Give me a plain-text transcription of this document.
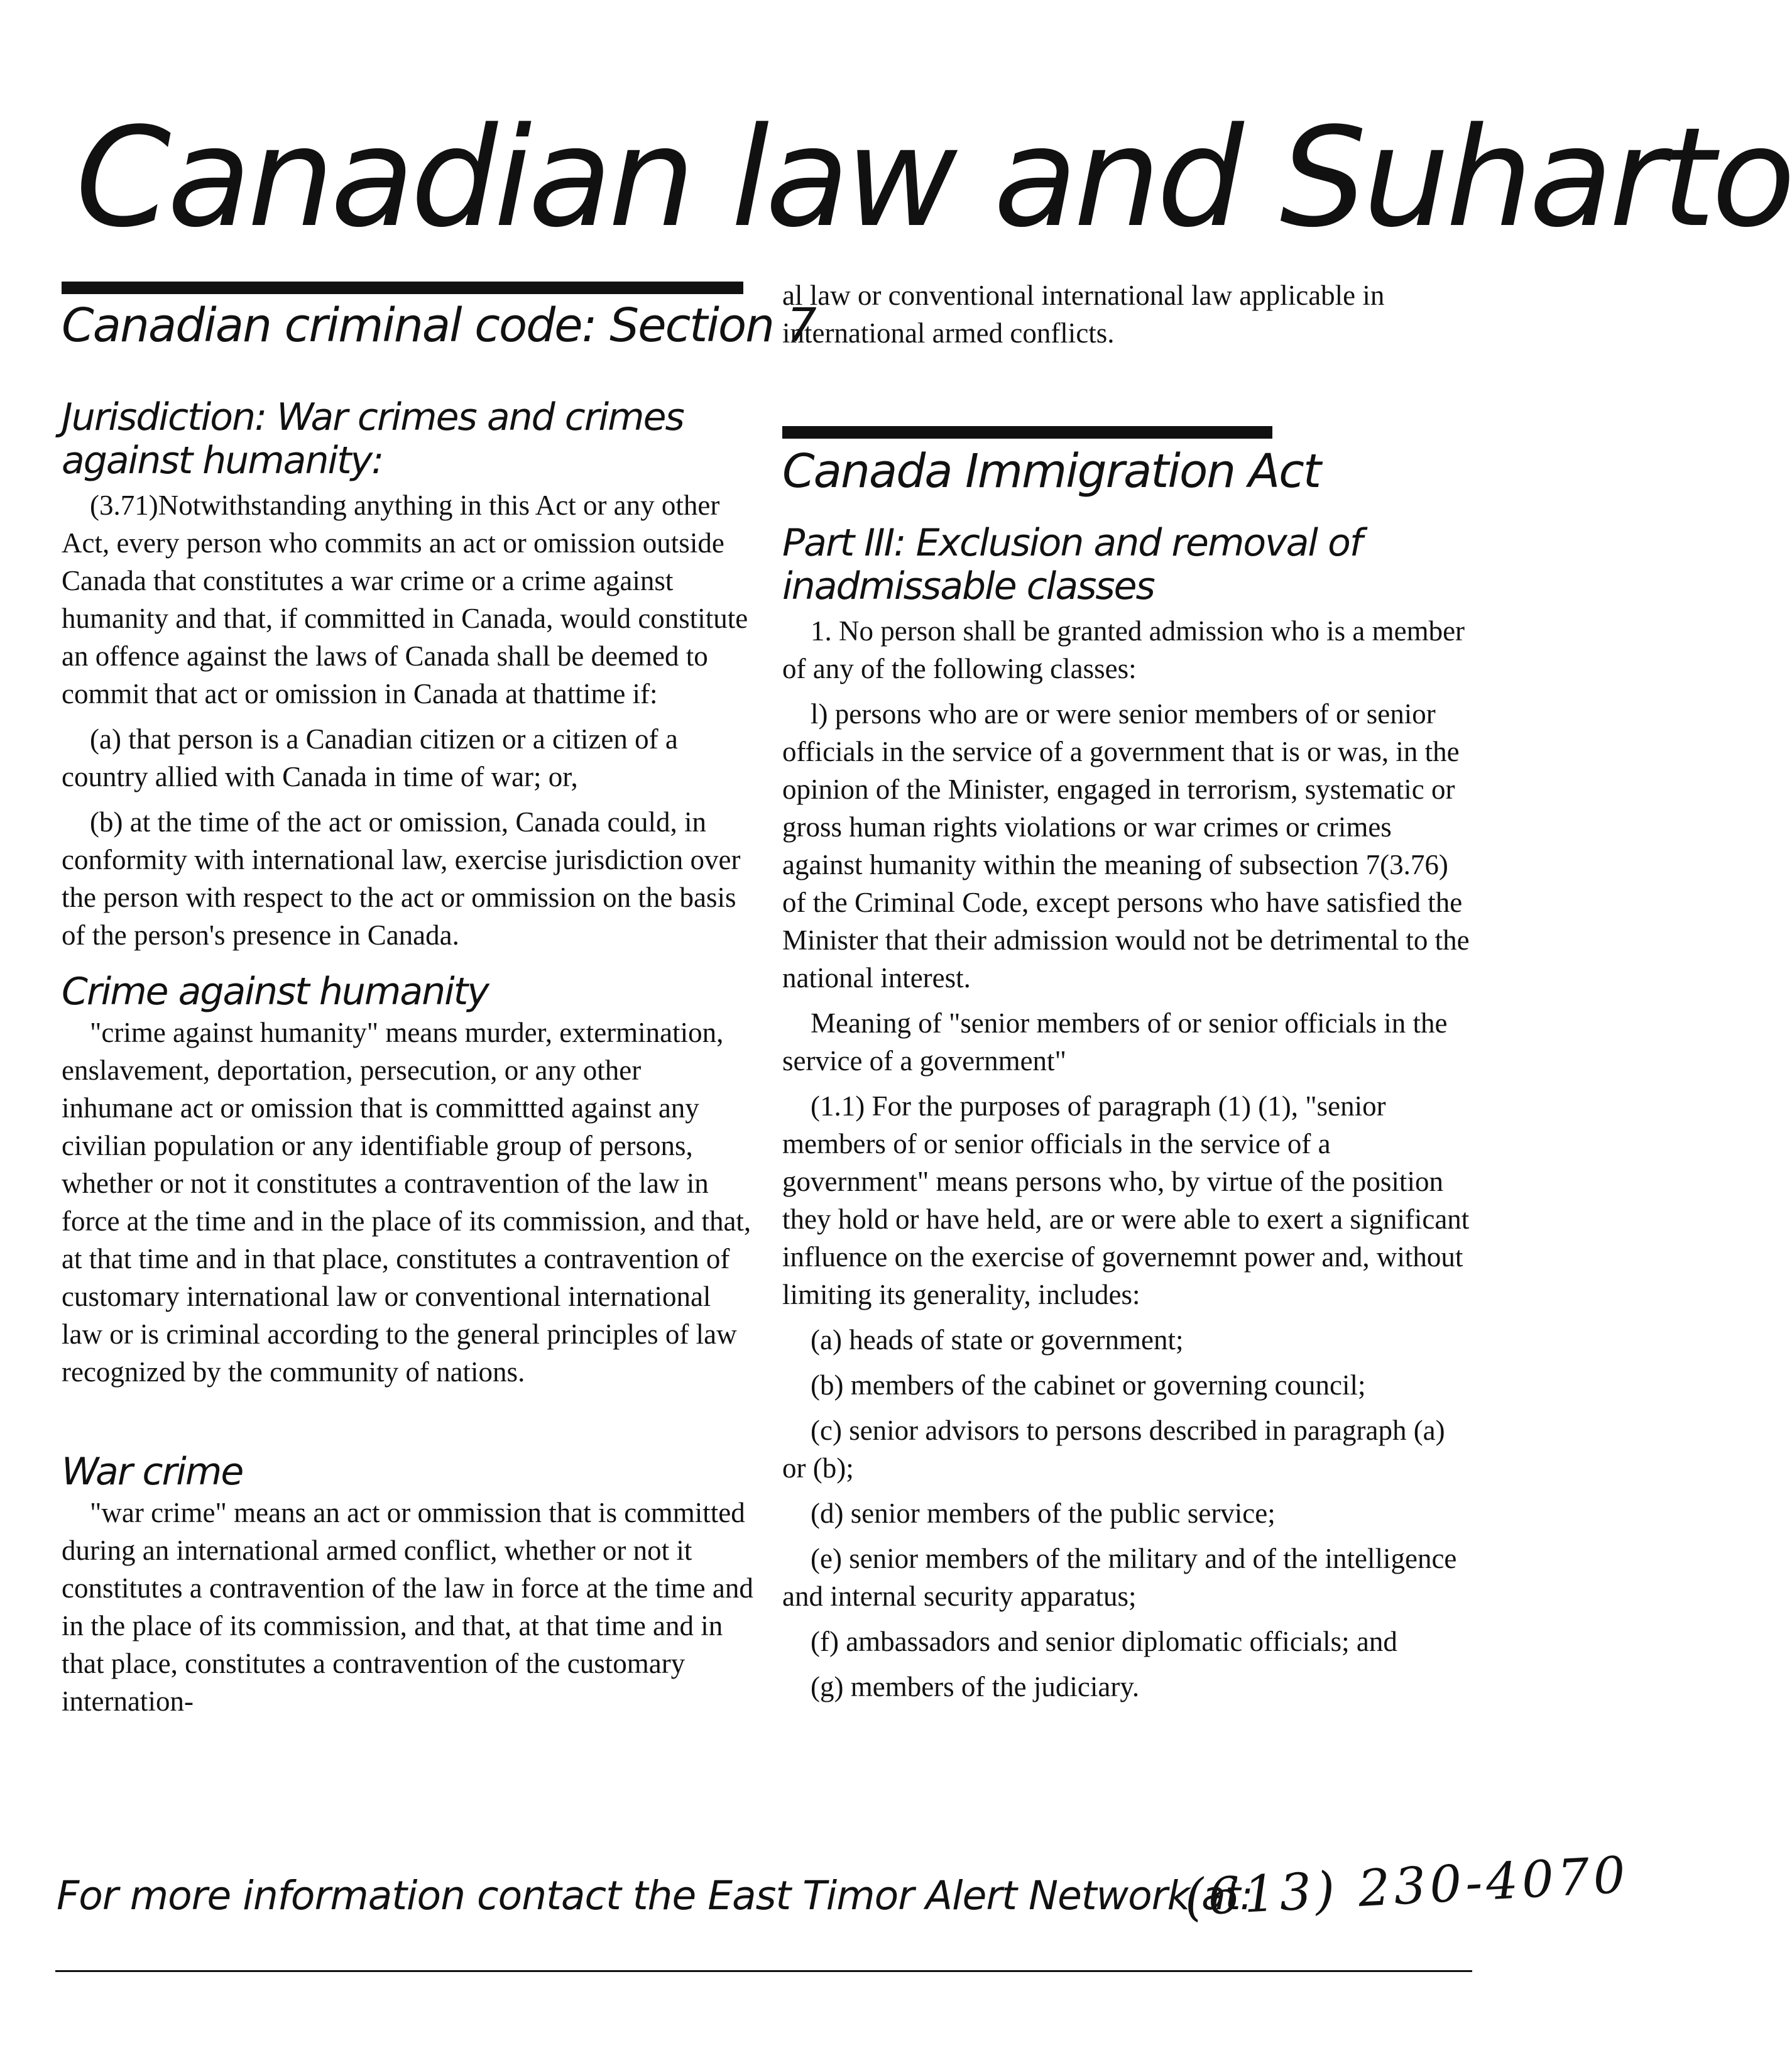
Canadian law and Suharto
Canadian criminal code: Section 7
Jurisdiction: War crimes and crimes against humanity:

(3.71)Notwithstanding anything in this Act or any other Act, every person who commits an act or omission outside Canada that constitutes a war crime or a crime against humanity and that, if committed in Canada, would constitute an offence against the laws of Canada shall be deemed to commit that act or omission in Canada at thattime if:

(a) that person is a Canadian citizen or a citizen of a country allied with Canada in time of war; or,

(b) at the time of the act or omission, Canada could, in conformity with international law, exercise jurisdiction over the person with respect to the act or ommission on the basis of the person's presence in Canada.

Crime against humanity

"crime against humanity" means murder, extermination, enslavement, deportation, persecution, or any other inhumane act or omission that is committted against any civilian population or any identifiable group of persons, whether or not it constitutes a contravention of the law in force at the time and in the place of its commission, and that, at that time and in that place, constitutes a contravention of customary international law or conventional international law or is criminal according to the general principles of law recognized by the community of nations.

War crime

"war crime" means an act or ommission that is committed during an international armed conflict, whether or not it constitutes a contravention of the law in force at the time and in the place of its commission, and that, at that time and in that place, constitutes a contravention of the customary internation-

al law or conventional international law applicable in international armed conflicts.

Canada Immigration Act
Part III: Exclusion and removal of inadmissable classes

1. No person shall be granted admission who is a member of any of the following classes:

l) persons who are or were senior members of or senior officials in the service of a government that is or was, in the opinion of the Minister, engaged in terrorism, systematic or gross human rights violations or war crimes or crimes against humanity within the meaning of subsection 7(3.76) of the Criminal Code, except persons who have satisfied the Minister that their admission would not be detrimental to the national interest.

Meaning of "senior members of or senior officials in the service of a government"

(1.1) For the purposes of paragraph (1) (1), "senior members of or senior officials in the service of a government" means persons who, by virtue of the position they hold or have held, are or were able to exert a significant influence on the exercise of governemnt power and, without limiting its generality, includes:

(a) heads of state or government;

(b) members of the cabinet or governing council;

(c) senior advisors to persons described in paragraph (a) or (b);

(d) senior members of the public service;

(e) senior members of the military and of the intelligence and internal security apparatus;

(f) ambassadors and senior diplomatic officials; and

(g) members of the judiciary.

For more information contact the East Timor Alert Network at:
(613) 230-4070
